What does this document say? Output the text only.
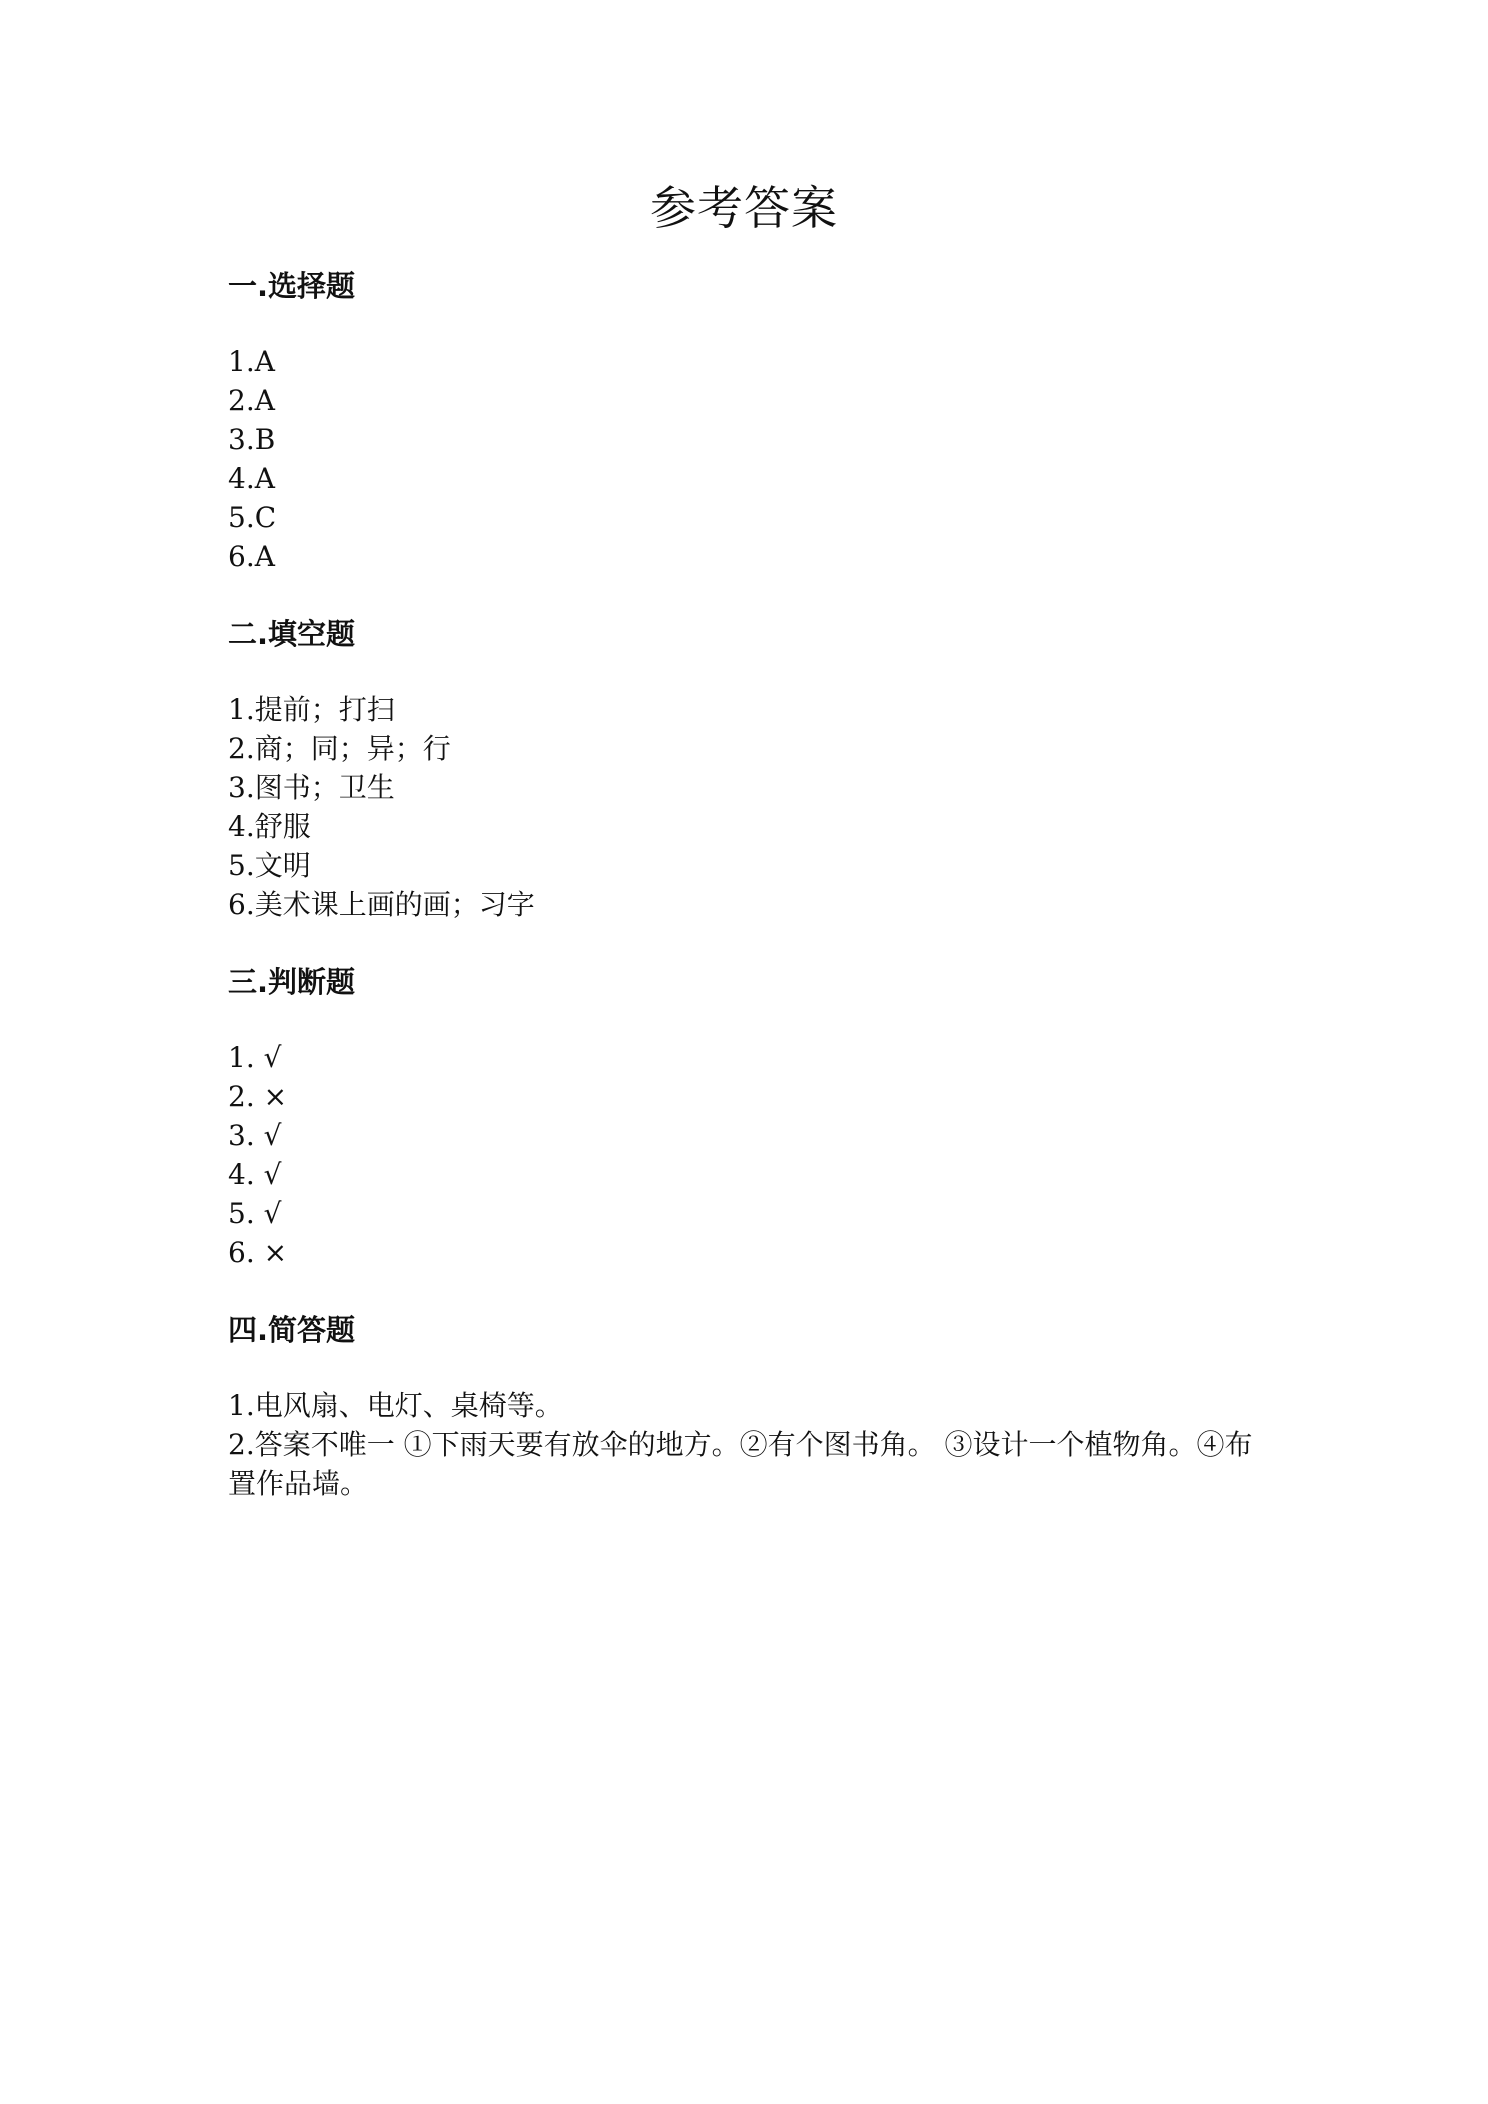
参考答案
一.选择题
1.A
2.A
3.B
4.A
5.C
6.A
二.填空题
1.提前；打扫
2.商；同；异；行
3.图书；卫生
4.舒服
5.文明
6.美术课上画的画；习字
三.判断题
1. √
2. ×
3. √
4. √
5. √
6. ×
四.简答题
1.电风扇、电灯、桌椅等。
2.答案不唯一 ①下雨天要有放伞的地方。②有个图书角。 ③设计一个植物角。④布置作品墙。
